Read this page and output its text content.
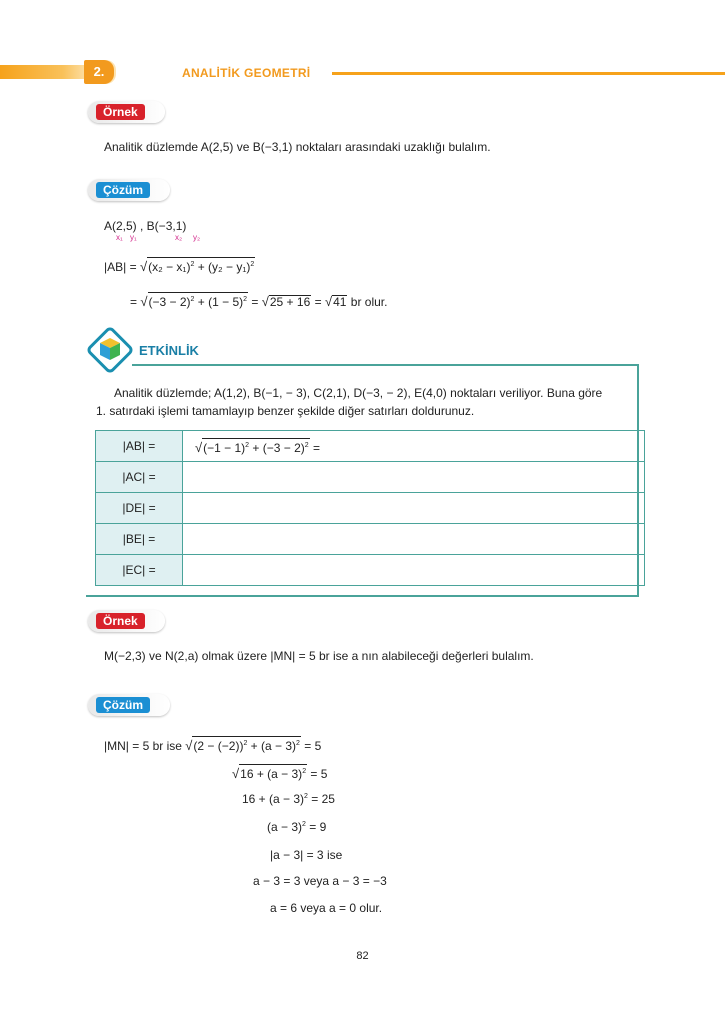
2.	ANALİTİK GEOMETRİ
Örnek
Analitik düzlemde A(2,5) ve B(−3,1) noktaları arasındaki uzaklığı bulalım.
Çözüm
A(2,5) , B(−3,1)
x₁ y₁	x₂ y₂
$|AB| = √(x_2 - x_1)^2 + (y_2 - y_1)^2$
= $√(-3 - 2)^2 + (1 - 5)^2 = √25 + 16 = √41$ br olur.
ETKİNLİK
Analitik düzlemde; A(1,2), B(−1, − 3), C(2,1), D(−3, − 2), E(4,0) noktaları veriliyor. Buna göre
1. satırdaki işlemi tamamlayıp benzer şekilde diğer satırları doldurunuz.
|AB| =	$√(-1 - 1)^2 + (-3 - 2)^2$ =
|AC| =	
|DE| =	
|BE| =	
|EC| =	
Örnek
M(−2,3) ve N(2,a) olmak üzere |MN| = 5 br ise a nın alabileceği değerleri bulalım.
Çözüm
|MN| = 5 br ise $√(2 - (-2))^2 + (a - 3)^2 = 5$
$√16 + (a - 3)^2 = 5$
$16 + (a - 3)^2 = 25$
$(a - 3)^2 = 9$
|a − 3| = 3 ise
a − 3 = 3 veya a − 3 = −3
a = 6 veya a = 0 olur.
82
